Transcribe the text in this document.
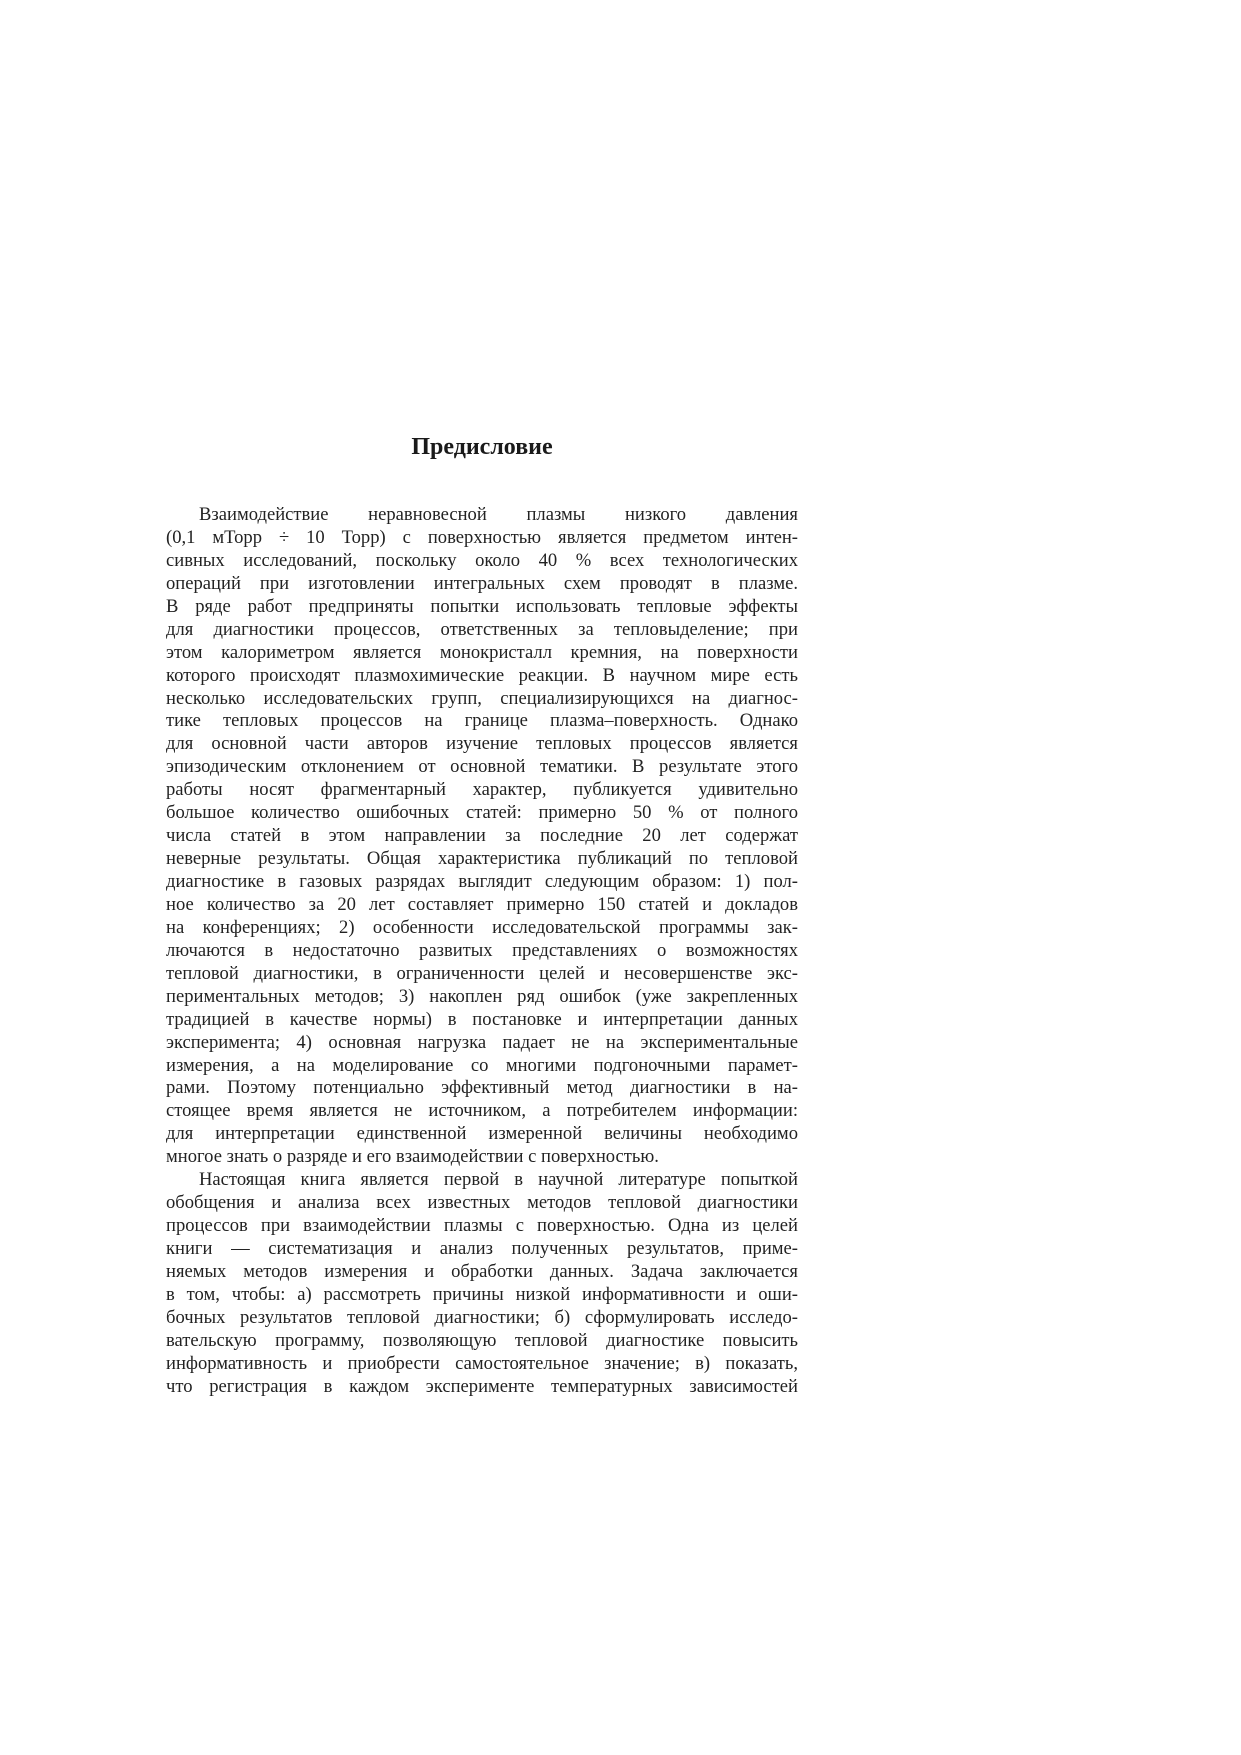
Предисловие
Взаимодействие неравновесной плазмы низкого давления
(0,1 мТорр ÷ 10 Торр) с поверхностью является предметом интен-
сивных исследований, поскольку около 40 % всех технологических
операций при изготовлении интегральных схем проводят в плазме.
В ряде работ предприняты попытки использовать тепловые эффекты
для диагностики процессов, ответственных за тепловыделение; при
этом калориметром является монокристалл кремния, на поверхности
которого происходят плазмохимические реакции. В научном мире есть
несколько исследовательских групп, специализирующихся на диагнос-
тике тепловых процессов на границе плазма–поверхность. Однако
для основной части авторов изучение тепловых процессов является
эпизодическим отклонением от основной тематики. В результате этого
работы носят фрагментарный характер, публикуется удивительно
большое количество ошибочных статей: примерно 50 % от полного
числа статей в этом направлении за последние 20 лет содержат
неверные результаты. Общая характеристика публикаций по тепловой
диагностике в газовых разрядах выглядит следующим образом: 1) пол-
ное количество за 20 лет составляет примерно 150 статей и докладов
на конференциях; 2) особенности исследовательской программы зак-
лючаются в недостаточно развитых представлениях о возможностях
тепловой диагностики, в ограниченности целей и несовершенстве экс-
периментальных методов; 3) накоплен ряд ошибок (уже закрепленных
традицией в качестве нормы) в постановке и интерпретации данных
эксперимента; 4) основная нагрузка падает не на экспериментальные
измерения, а на моделирование со многими подгоночными парамет-
рами. Поэтому потенциально эффективный метод диагностики в на-
стоящее время является не источником, а потребителем информации:
для интерпретации единственной измеренной величины необходимо
многое знать о разряде и его взаимодействии с поверхностью.
Настоящая книга является первой в научной литературе попыткой
обобщения и анализа всех известных методов тепловой диагностики
процессов при взаимодействии плазмы с поверхностью. Одна из целей
книги — систематизация и анализ полученных результатов, приме-
няемых методов измерения и обработки данных. Задача заключается
в том, чтобы: а) рассмотреть причины низкой информативности и оши-
бочных результатов тепловой диагностики; б) сформулировать исследо-
вательскую программу, позволяющую тепловой диагностике повысить
информативность и приобрести самостоятельное значение; в) показать,
что регистрация в каждом эксперименте температурных зависимостей
